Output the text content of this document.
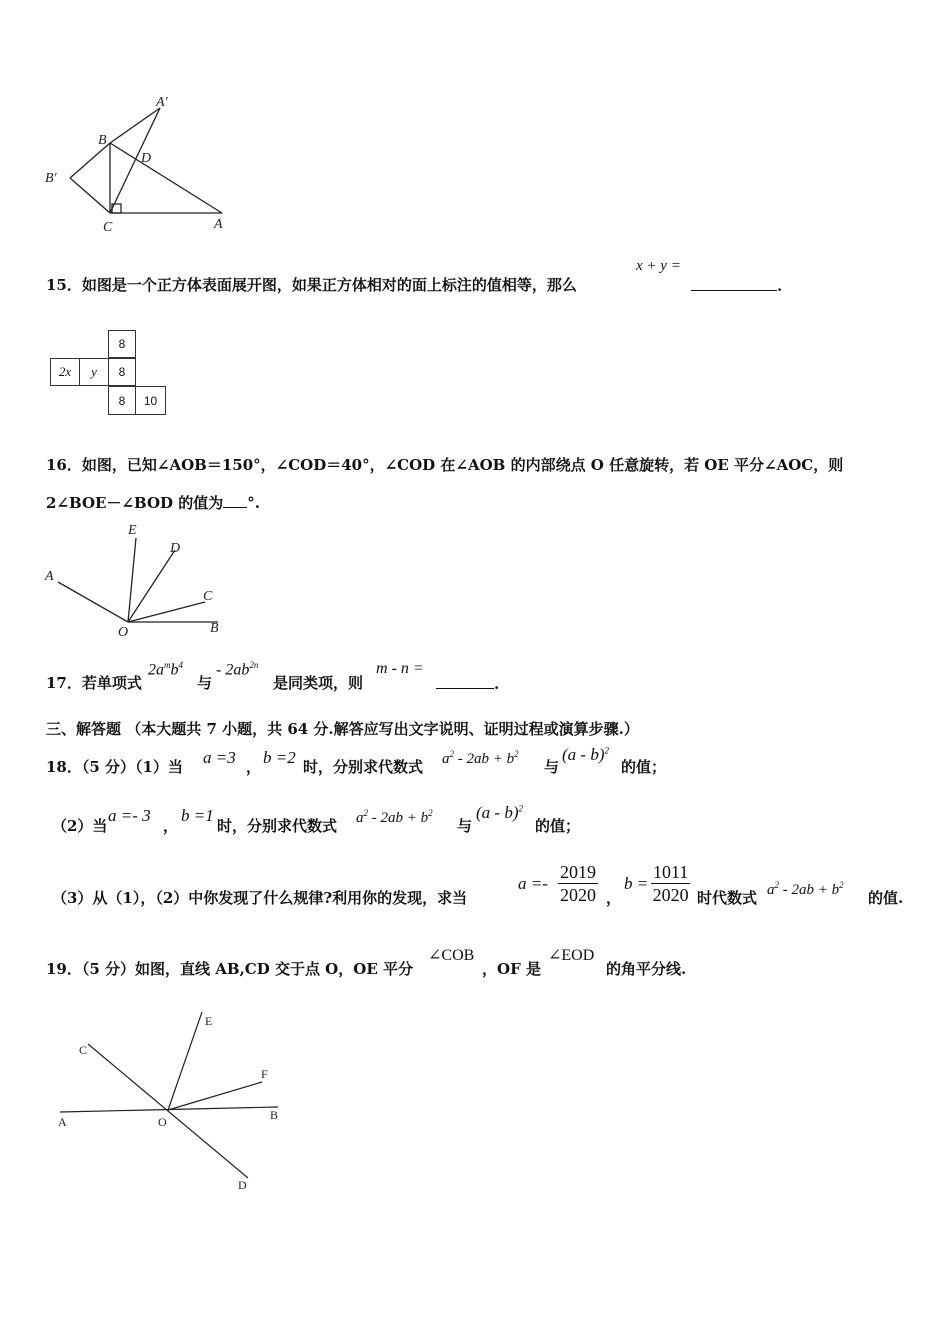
A′
B
D
B′
C	A
15．如图是一个正方体表面展开图，如果正方体相对的面上标注的值相等，那么
x + y =
.
8
2x y 8
8 10
16．如图，已知∠AOB＝150°，∠COD＝40°，∠COD 在∠AOB 的内部绕点 O 任意旋转，若 OE 平分∠AOC，则
2∠BOE－∠BOD 的值为 °.
E
D
A
C
O	B
17．若单项式
$2a^mb^4$
与
- $2ab^{2n}$
是同类项，则
m - n =
.
三、解答题 （本大题共 7 小题，共 64 分.解答应写出文字说明、证明过程或演算步骤.）
18．（5 分）（1）当 a =3 ， b =2 时，分别求代数式 $a^2 - 2ab + b^2$
与
(a - b)$^2$
的值；
（2）当
a =- 3
，
b =1
时，分别求代数式 $a^2 - 2ab + b^2$
与
(a - b)$^2$
的值；
（3）从（1），（2）中你发现了什么规律?利用你的发现，求当
$a =- \frac{2019}{2020}$ ，
$b = \frac{1011}{2020}$ 时代数式 $a^2 - 2ab + b^2$
的值.
19．（5 分）如图，直线 AB,CD 交于点 O，OE 平分
∠COB
，OF 是
∠EOD
的角平分线.
E
C
F
A	O	B
D
